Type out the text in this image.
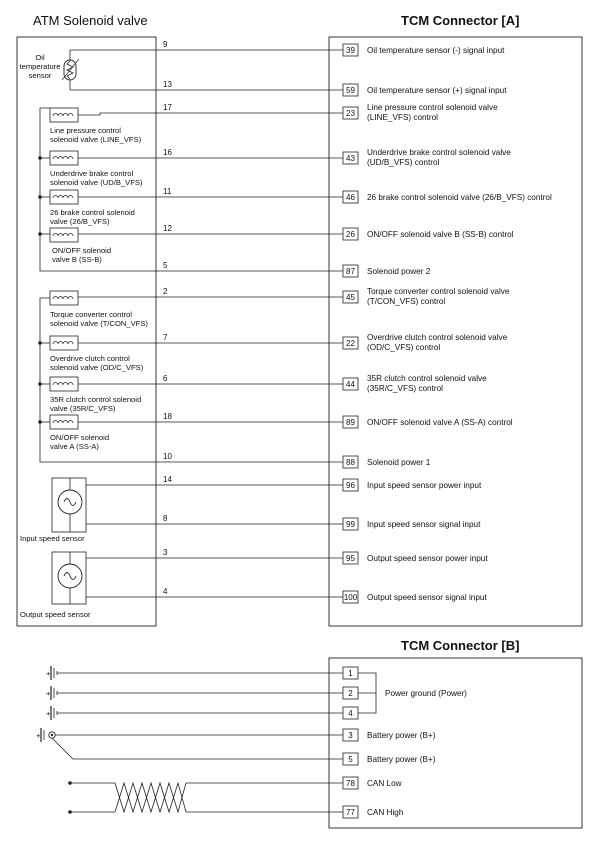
ATM Solenoid valve	TCM Connector [A]
TCM Connector [B]
Oil
temperature
sensor
Line pressure control
solenoid valve (LINE_VFS)
Underdrive brake control
solenoid valve (UD/B_VFS)
26 brake control solenoid
valve (26/B_VFS)
ON/OFF solenoid
valve B (SS-B)
Torque converter control
solenoid valve (T/CON_VFS)
Overdrive clutch control
solenoid valve (OD/C_VFS)
35R clutch control solenoid
valve (35R/C_VFS)
ON/OFF solenoid
valve A (SS-A)
Input speed sensor
Output speed sensor
9
39 Oil temperature sensor (-) signal input
13
59 Oil temperature sensor (+) signal input
17
23
Line pressure control solenoid valve
(LINE_VFS) control
16
43
Underdrive brake control solenoid valve
(UD/B_VFS) control
11
46 26 brake control solenoid valve (26/B_VFS) control
12
26 ON/OFF solenoid valve B (SS-B) control
5
87 Solenoid power 2
2
45
Torque converter control solenoid valve
(T/CON_VFS) control
7
22
Overdrive clutch control solenoid valve
(OD/C_VFS) control
6
44
35R clutch control solenoid valve
(35R/C_VFS) control
18
89 ON/OFF solenoid valve A (SS-A) control
10
88 Solenoid power 1
14
96 Input speed sensor power input
8
99 Input speed sensor signal input
3
95 Output speed sensor power input
4
100 Output speed sensor signal input
1
2
4
3 Battery power (B+)
5 Battery power (B+)
78 CAN Low
77 CAN High
+
+
+
+
Power ground (Power)
